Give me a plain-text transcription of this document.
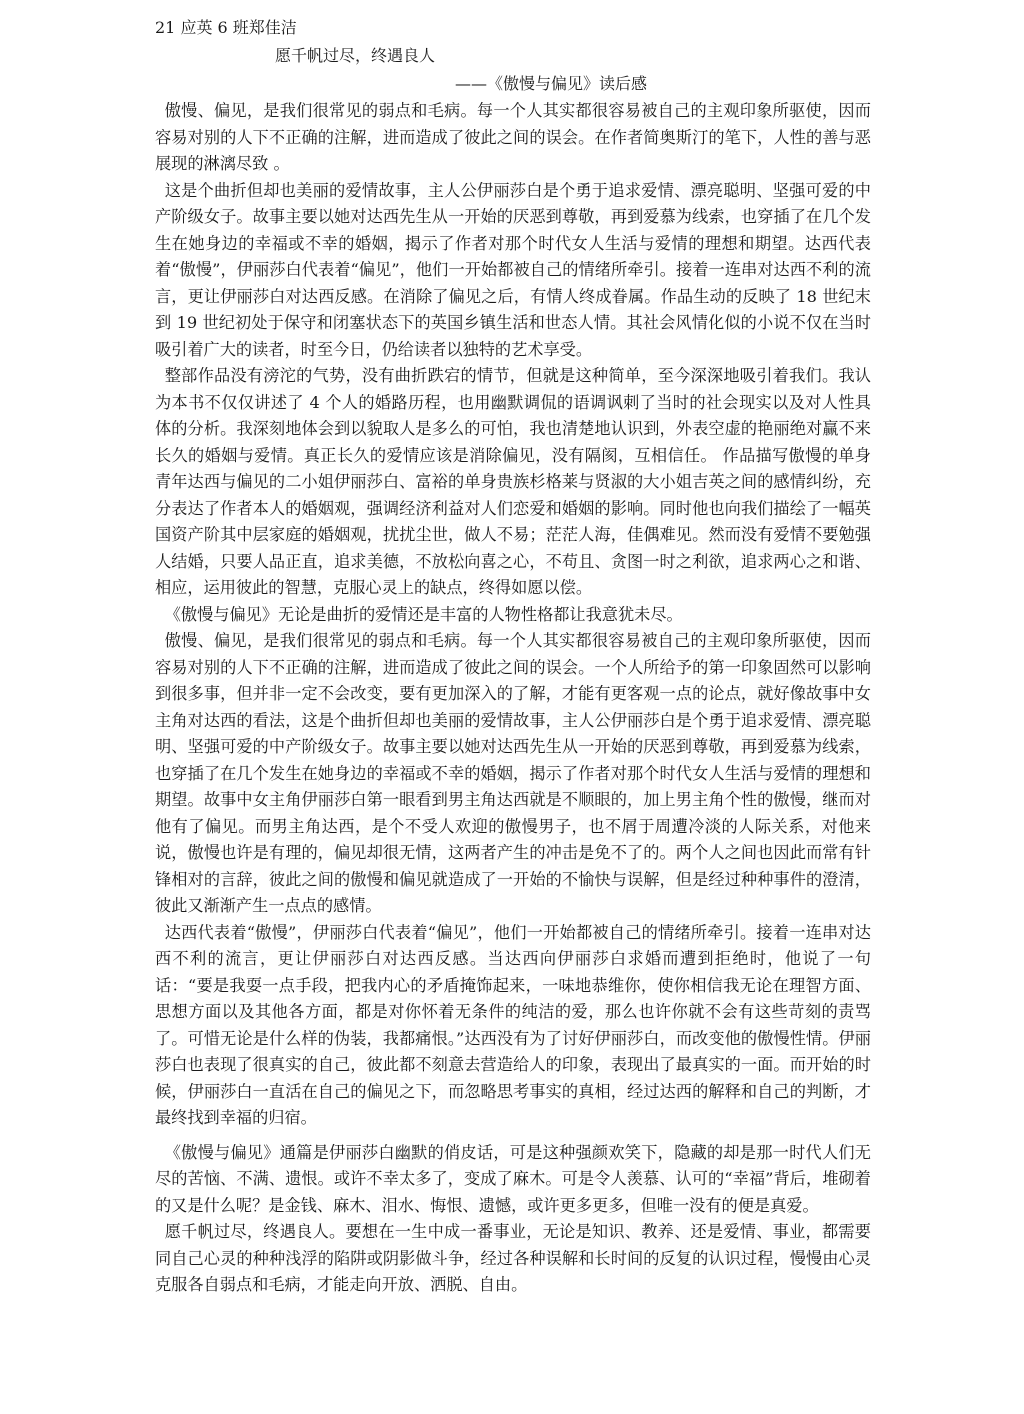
21 应英 6 班郑佳洁

愿千帆过尽，终遇良人

——《傲慢与偏见》读后感

傲慢、偏见，是我们很常见的弱点和毛病。每一个人其实都很容易被自己的主观印象所驱使，因而容易对别的人下不正确的注解，进而造成了彼此之间的误会。在作者简奥斯汀的笔下，人性的善与恶展现的淋漓尽致 。

这是个曲折但却也美丽的爱情故事，主人公伊丽莎白是个勇于追求爱情、漂亮聪明、坚强可爱的中产阶级女子。故事主要以她对达西先生从一开始的厌恶到尊敬，再到爱慕为线索，也穿插了在几个发生在她身边的幸福或不幸的婚姻，揭示了作者对那个时代女人生活与爱情的理想和期望。达西代表着“傲慢”，伊丽莎白代表着“偏见”，他们一开始都被自己的情绪所牵引。接着一连串对达西不利的流言，更让伊丽莎白对达西反感。在消除了偏见之后，有情人终成眷属。作品生动的反映了 18 世纪末到 19 世纪初处于保守和闭塞状态下的英国乡镇生活和世态人情。其社会风情化似的小说不仅在当时吸引着广大的读者，时至今日，仍给读者以独特的艺术享受。

整部作品没有滂沱的气势，没有曲折跌宕的情节，但就是这种简单，至今深深地吸引着我们。我认为本书不仅仅讲述了 4 个人的婚路历程，也用幽默调侃的语调讽刺了当时的社会现实以及对人性具体的分析。我深刻地体会到以貌取人是多么的可怕，我也清楚地认识到，外表空虚的艳丽绝对赢不来长久的婚姻与爱情。真正长久的爱情应该是消除偏见，没有隔阂，互相信任。 作品描写傲慢的单身青年达西与偏见的二小姐伊丽莎白、富裕的单身贵族杉格莱与贤淑的大小姐吉英之间的感情纠纷，充分表达了作者本人的婚姻观，强调经济利益对人们恋爱和婚姻的影响。同时他也向我们描绘了一幅英国资产阶其中层家庭的婚姻观，扰扰尘世，做人不易；茫茫人海，佳偶难见。然而没有爱情不要勉强人结婚，只要人品正直，追求美德，不放松向喜之心，不苟且、贪图一时之利欲，追求两心之和谐、相应，运用彼此的智慧，克服心灵上的缺点，终得如愿以偿。

《傲慢与偏见》无论是曲折的爱情还是丰富的人物性格都让我意犹未尽。

傲慢、偏见，是我们很常见的弱点和毛病。每一个人其实都很容易被自己的主观印象所驱使，因而容易对别的人下不正确的注解，进而造成了彼此之间的误会。一个人所给予的第一印象固然可以影响到很多事，但并非一定不会改变，要有更加深入的了解，才能有更客观一点的论点，就好像故事中女主角对达西的看法，这是个曲折但却也美丽的爱情故事，主人公伊丽莎白是个勇于追求爱情、漂亮聪明、坚强可爱的中产阶级女子。故事主要以她对达西先生从一开始的厌恶到尊敬，再到爱慕为线索，也穿插了在几个发生在她身边的幸福或不幸的婚姻，揭示了作者对那个时代女人生活与爱情的理想和期望。故事中女主角伊丽莎白第一眼看到男主角达西就是不顺眼的，加上男主角个性的傲慢，继而对他有了偏见。而男主角达西，是个不受人欢迎的傲慢男子，也不屑于周遭冷淡的人际关系，对他来说，傲慢也许是有理的，偏见却很无情，这两者产生的冲击是免不了的。两个人之间也因此而常有针锋相对的言辞，彼此之间的傲慢和偏见就造成了一开始的不愉快与误解，但是经过种种事件的澄清，彼此又渐渐产生一点点的感情。

达西代表着“傲慢”，伊丽莎白代表着“偏见”，他们一开始都被自己的情绪所牵引。接着一连串对达西不利的流言，更让伊丽莎白对达西反感。当达西向伊丽莎白求婚而遭到拒绝时，他说了一句话：“要是我耍一点手段，把我内心的矛盾掩饰起来，一味地恭维你，使你相信我无论在理智方面、思想方面以及其他各方面，都是对你怀着无条件的纯洁的爱，那么也许你就不会有这些苛刻的责骂了。可惜无论是什么样的伪装，我都痛恨。”达西没有为了讨好伊丽莎白，而改变他的傲慢性情。伊丽莎白也表现了很真实的自己，彼此都不刻意去营造给人的印象，表现出了最真实的一面。而开始的时候，伊丽莎白一直活在自己的偏见之下，而忽略思考事实的真相，经过达西的解释和自己的判断，才最终找到幸福的归宿。

《傲慢与偏见》通篇是伊丽莎白幽默的俏皮话，可是这种强颜欢笑下，隐藏的却是那一时代人们无尽的苦恼、不满、遗恨。或许不幸太多了，变成了麻木。可是令人羡慕、认可的“幸福”背后，堆砌着的又是什么呢？是金钱、麻木、泪水、悔恨、遗憾，或许更多更多，但唯一没有的便是真爱。

愿千帆过尽，终遇良人。要想在一生中成一番事业，无论是知识、教养、还是爱情、事业，都需要同自己心灵的种种浅浮的陷阱或阴影做斗争，经过各种误解和长时间的反复的认识过程，慢慢由心灵克服各自弱点和毛病，才能走向开放、洒脱、自由。
